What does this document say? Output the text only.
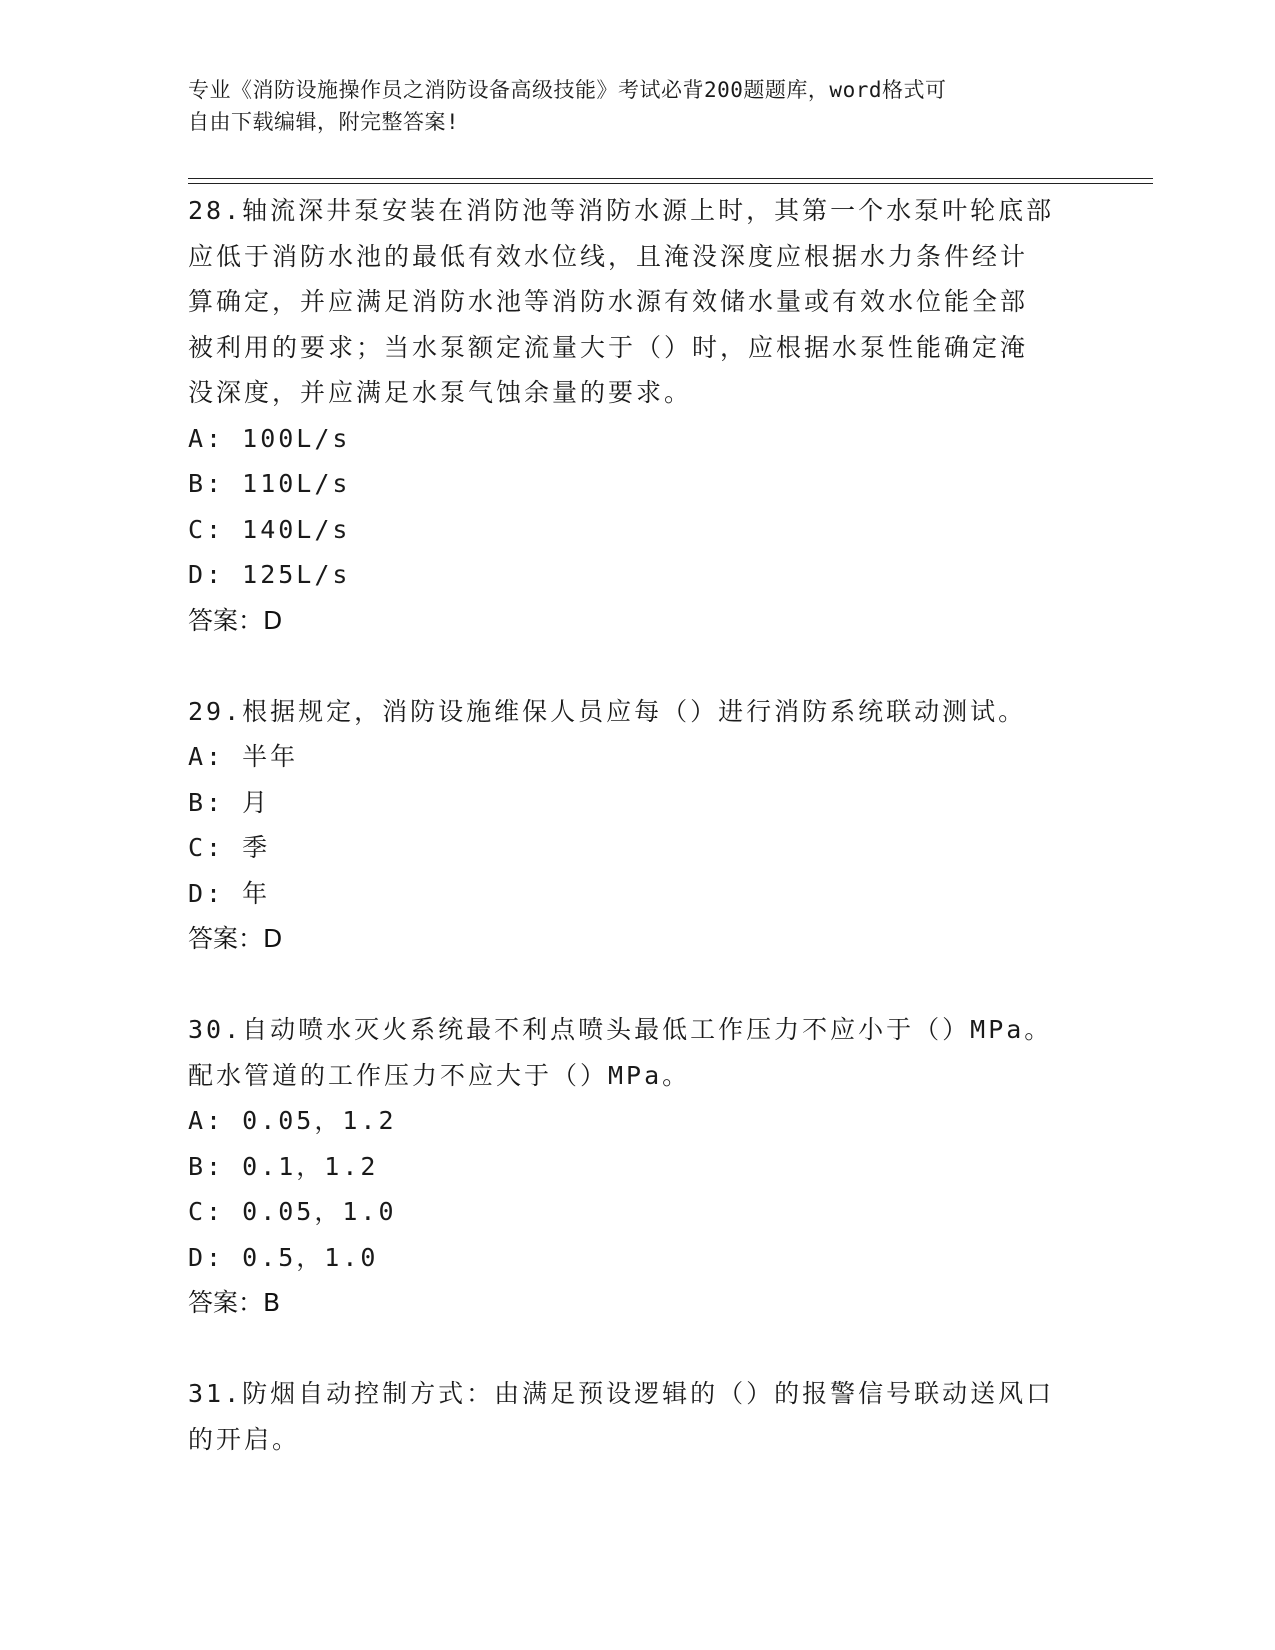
专业《消防设施操作员之消防设备高级技能》考试必背200题题库，word格式可
自由下载编辑，附完整答案!
28.轴流深井泵安装在消防池等消防水源上时，其第一个水泵叶轮底部
应低于消防水池的最低有效水位线，且淹没深度应根据水力条件经计
算确定，并应满足消防水池等消防水源有效储水量或有效水位能全部
被利用的要求；当水泵额定流量大于（）时，应根据水泵性能确定淹
没深度，并应满足水泵气蚀余量的要求。
A: 100L/s
B: 110L/s
C: 140L/s
D: 125L/s
答案：D
29.根据规定，消防设施维保人员应每（）进行消防系统联动测试。
A: 半年
B: 月
C: 季
D: 年
答案：D
30.自动喷水灭火系统最不利点喷头最低工作压力不应小于（）MPa。
配水管道的工作压力不应大于（）MPa。
A: 0.05，1.2
B: 0.1，1.2
C: 0.05，1.0
D: 0.5，1.0
答案：B
31.防烟自动控制方式：由满足预设逻辑的（）的报警信号联动送风口
的开启。
